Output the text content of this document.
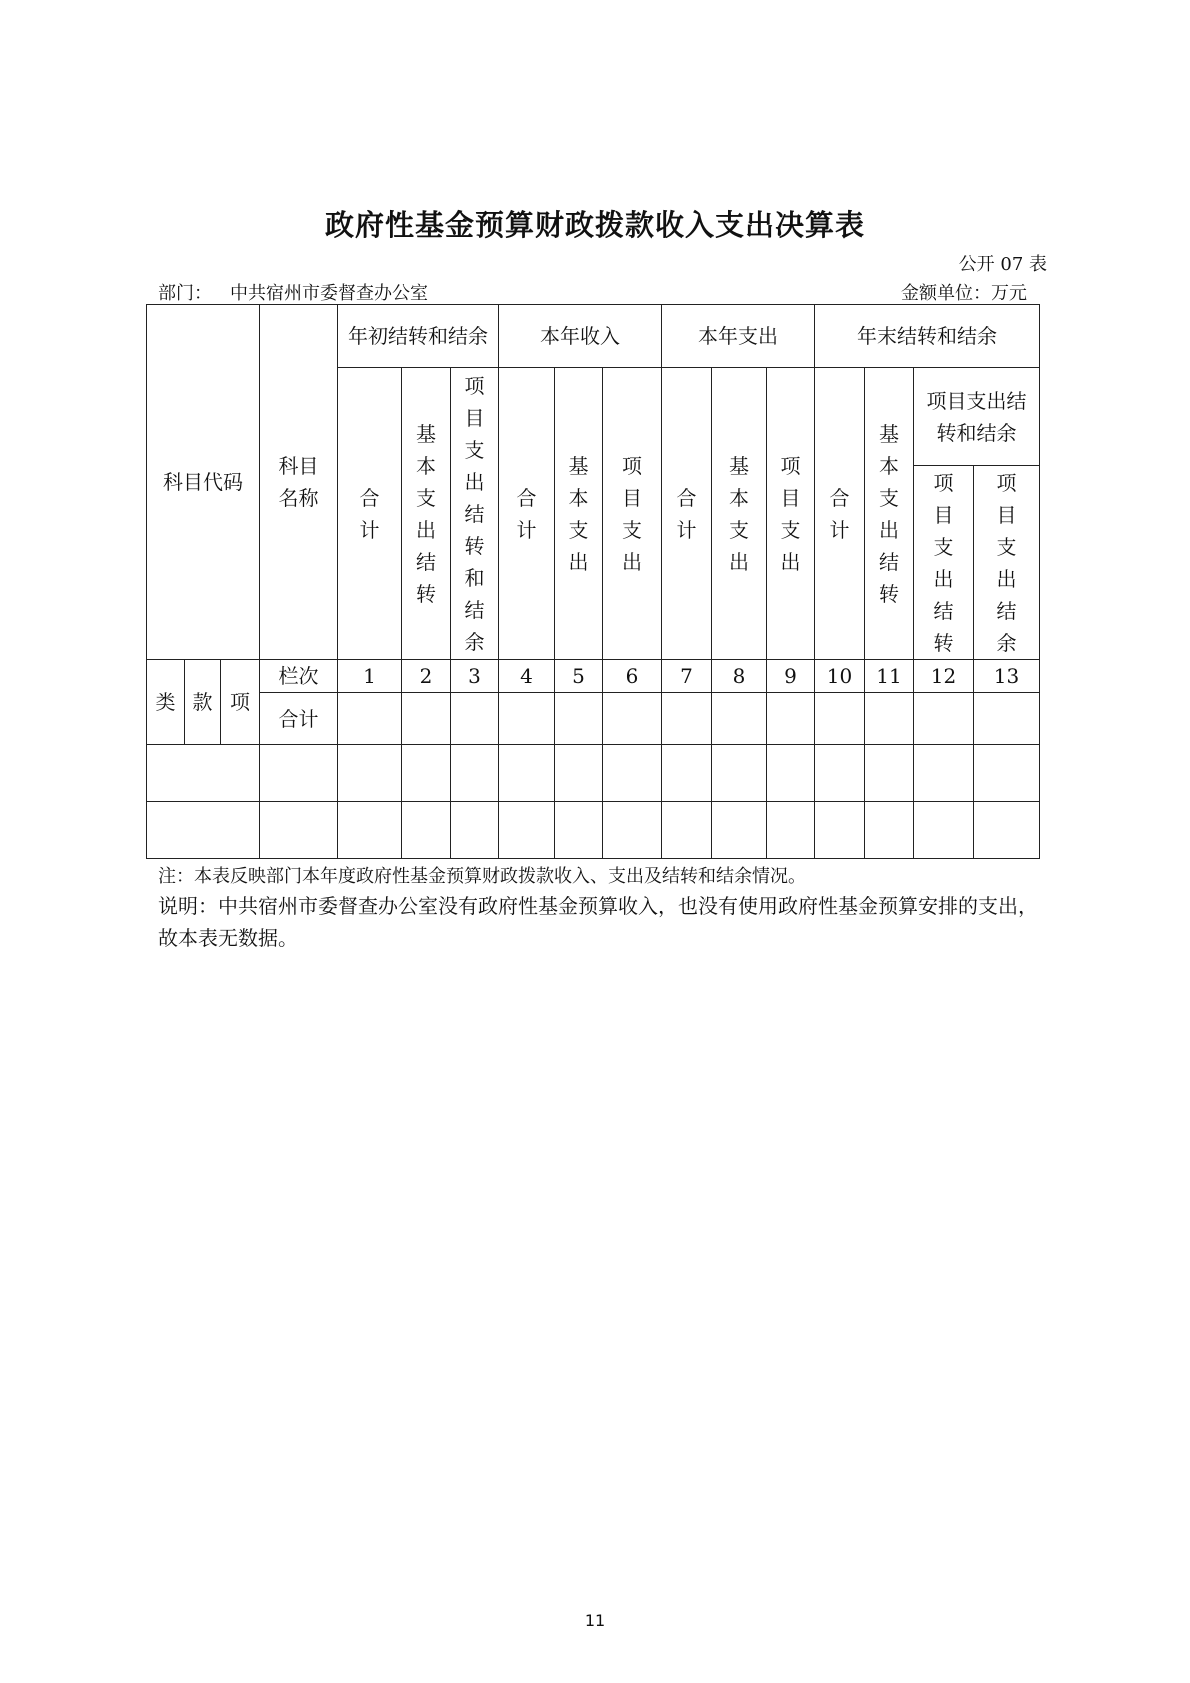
政府性基金预算财政拨款收入支出决算表
公开 07 表
部门： 中共宿州市委督查办公室	金额单位：万元
科目代码			科目名称	年初结转和结余			本年收入			本年支出			年末结转和结余			
				合计	基本支出结转	项目支出结转和结余	合计	基本支出	项目支出	合计	基本支出	项目支出	合计	基本支出结转	项目支出结转和结余	
															项目支出结转	项目支出结余
类	款	项	栏次	1	2	3	4	5	6	7	8	9	10	11	12	13
			合计													

注：本表反映部门本年度政府性基金预算财政拨款收入、支出及结转和结余情况。
说明：中共宿州市委督查办公室没有政府性基金预算收入，也没有使用政府性基金预算安排的支出，故本表无数据。
11
